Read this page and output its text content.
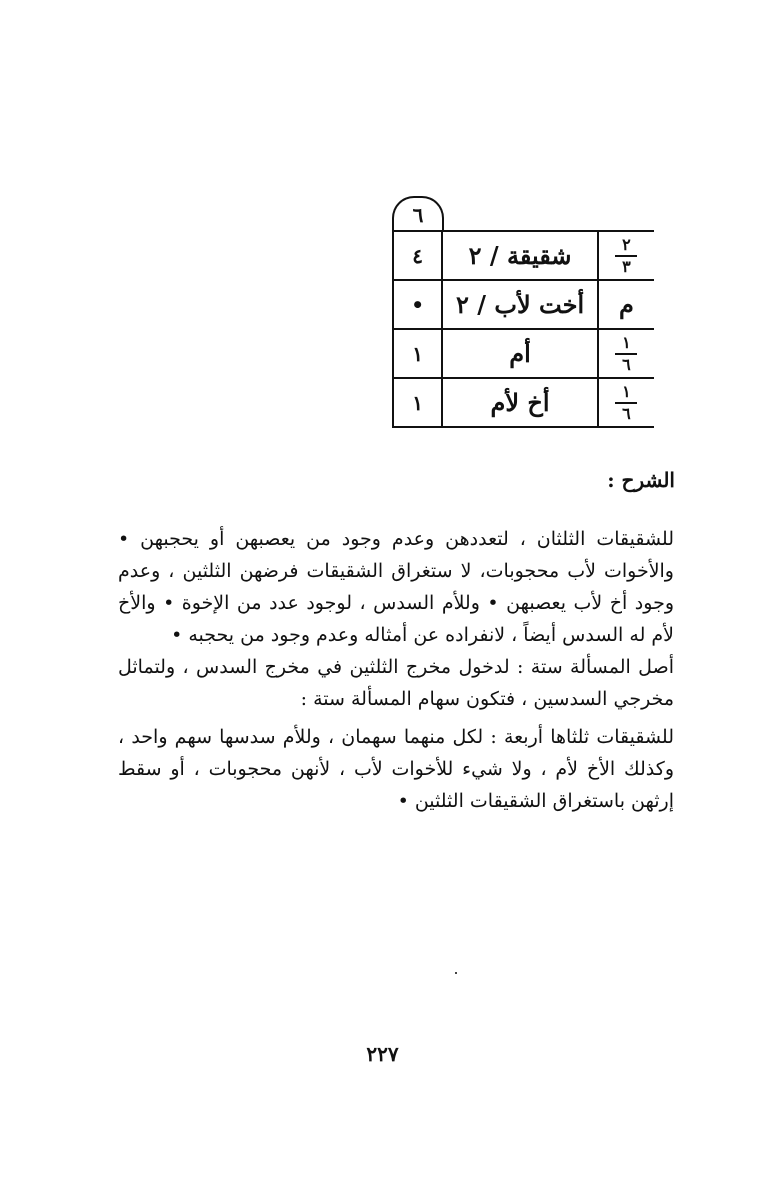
٦
٤	شقيقة / ٢	$\frac{٢}{٣}$
•	أخت لأب / ٢	م
١	أم	$\frac{١}{٦}$
١	أخ لأم	$\frac{١}{٦}$
الشرح :

للشقيقات الثلثان ، لتعددهن وعدم وجود من يعصبهن أو يحجبهن • والأخوات لأب محجوبات، لا ستغراق الشقيقات فرضهن الثلثين ، وعدم وجود أخ لأب يعصبهن • وللأم السدس ، لوجود عدد من الإخوة • والأخ لأم له السدس أيضاً ، لانفراده عن أمثاله وعدم وجود من يحجبه •

أصل المسألة ستة : لدخول مخرج الثلثين في مخرج السدس ، ولتماثل مخرجي السدسين ، فتكون سهام المسألة ستة :

للشقيقات ثلثاها أربعة : لكل منهما سهمان ، وللأم سدسها سهم واحد ، وكذلك الأخ لأم ، ولا شيء للأخوات لأب ، لأنهن محجوبات ، أو سقط إرثهن باستغراق الشقيقات الثلثين •

٢٢٧
